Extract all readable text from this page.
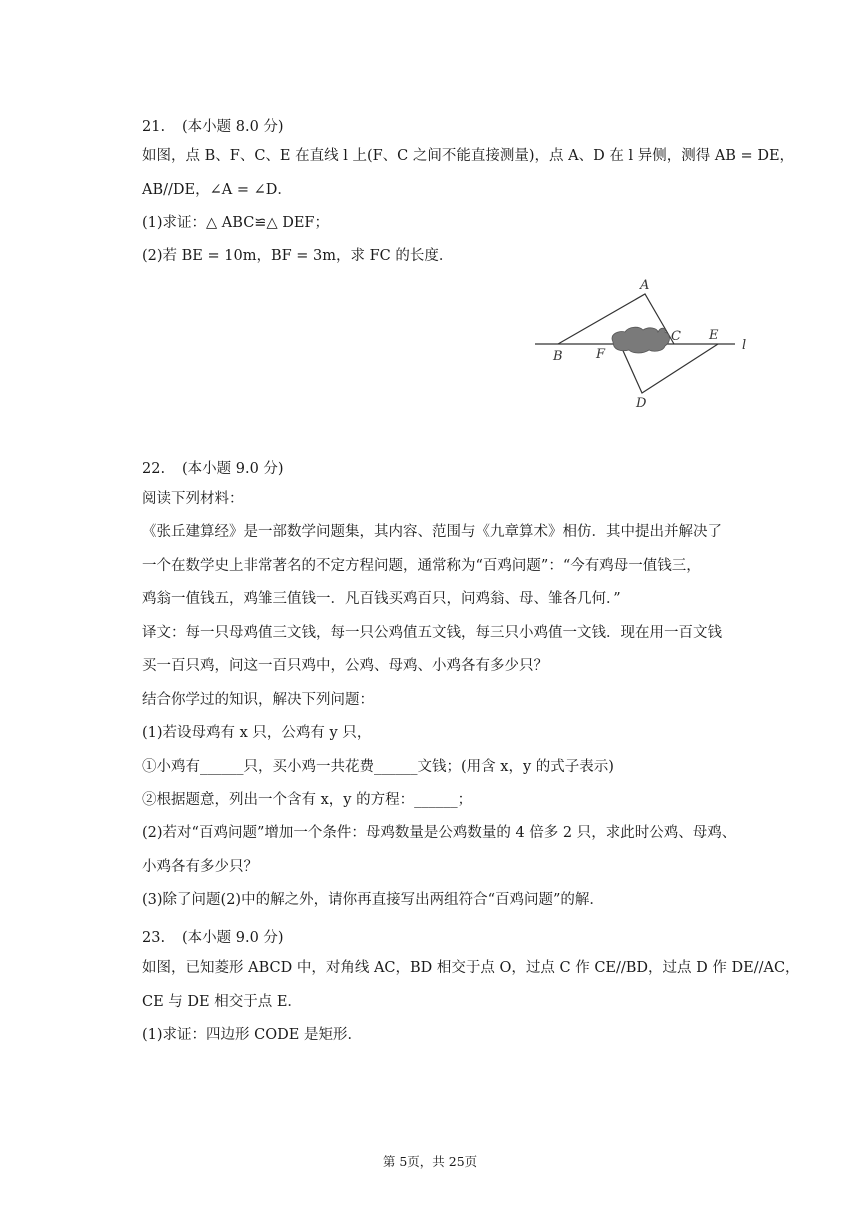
21. (本小题 8.0 分)
如图，点 B、F、C、E 在直线 l 上(F、C 之间不能直接测量)，点 A、D 在 l 异侧，测得 AB = DE，
AB//DE，∠A = ∠D．
(1)求证：△ ABC≌△ DEF；
(2)若 BE = 10m，BF = 3m，求 FC 的长度．
A
B
C
D
E
F
l
22. (本小题 9.0 分)
阅读下列材料：
《张丘建算经》是一部数学问题集，其内容、范围与《九章算术》相仿．其中提出并解决了
一个在数学史上非常著名的不定方程问题，通常称为“百鸡问题”：“今有鸡母一值钱三，
鸡翁一值钱五，鸡雏三值钱一．凡百钱买鸡百只，问鸡翁、母、雏各几何．”
译文：每一只母鸡值三文钱，每一只公鸡值五文钱，每三只小鸡值一文钱．现在用一百文钱
买一百只鸡，问这一百只鸡中，公鸡、母鸡、小鸡各有多少只？
结合你学过的知识，解决下列问题：
(1)若设母鸡有 x 只，公鸡有 y 只，
①小鸡有______只，买小鸡一共花费______文钱；(用含 x，y 的式子表示)
②根据题意，列出一个含有 x，y 的方程：______；
(2)若对“百鸡问题”增加一个条件：母鸡数量是公鸡数量的 4 倍多 2 只，求此时公鸡、母鸡、
小鸡各有多少只？
(3)除了问题(2)中的解之外，请你再直接写出两组符合“百鸡问题”的解．
23. (本小题 9.0 分)
如图，已知菱形 ABCD 中，对角线 AC，BD 相交于点 O，过点 C 作 CE//BD，过点 D 作 DE//AC，
CE 与 DE 相交于点 E．
(1)求证：四边形 CODE 是矩形．
第 5页，共 25页
